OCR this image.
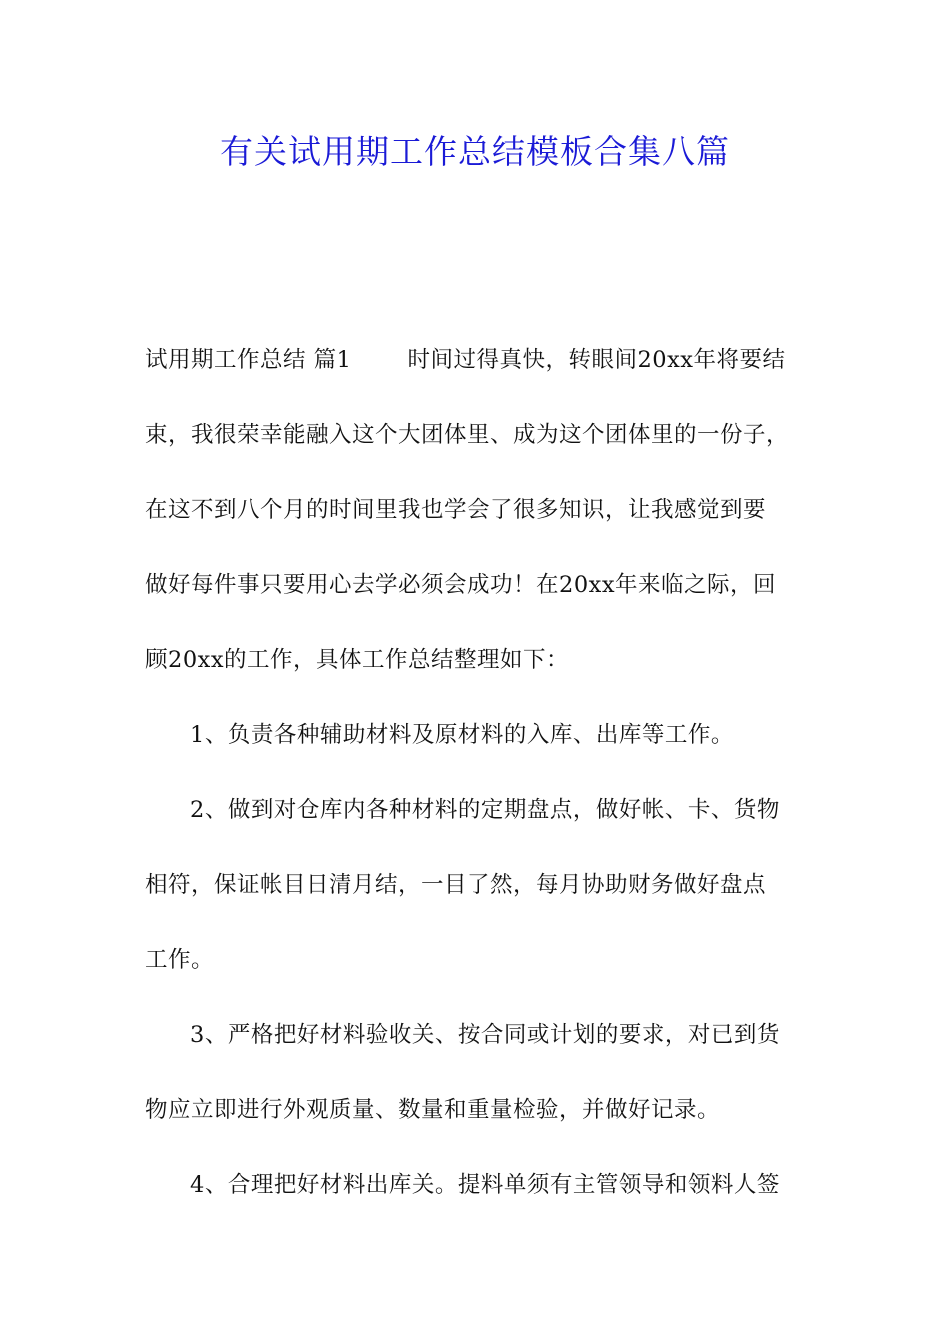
有关试用期工作总结模板合集八篇
试用期工作总结 篇1 时间过得真快，转眼间20xx年将要结
束，我很荣幸能融入这个大团体里、成为这个团体里的一份子，
在这不到八个月的时间里我也学会了很多知识，让我感觉到要
做好每件事只要用心去学必须会成功！在20xx年来临之际，回
顾20xx的工作，具体工作总结整理如下：
1、负责各种辅助材料及原材料的入库、出库等工作。
2、做到对仓库内各种材料的定期盘点，做好帐、卡、货物
相符，保证帐目日清月结，一目了然，每月协助财务做好盘点
工作。
3、严格把好材料验收关、按合同或计划的要求，对已到货
物应立即进行外观质量、数量和重量检验，并做好记录。
4、合理把好材料出库关。提料单须有主管领导和领料人签
